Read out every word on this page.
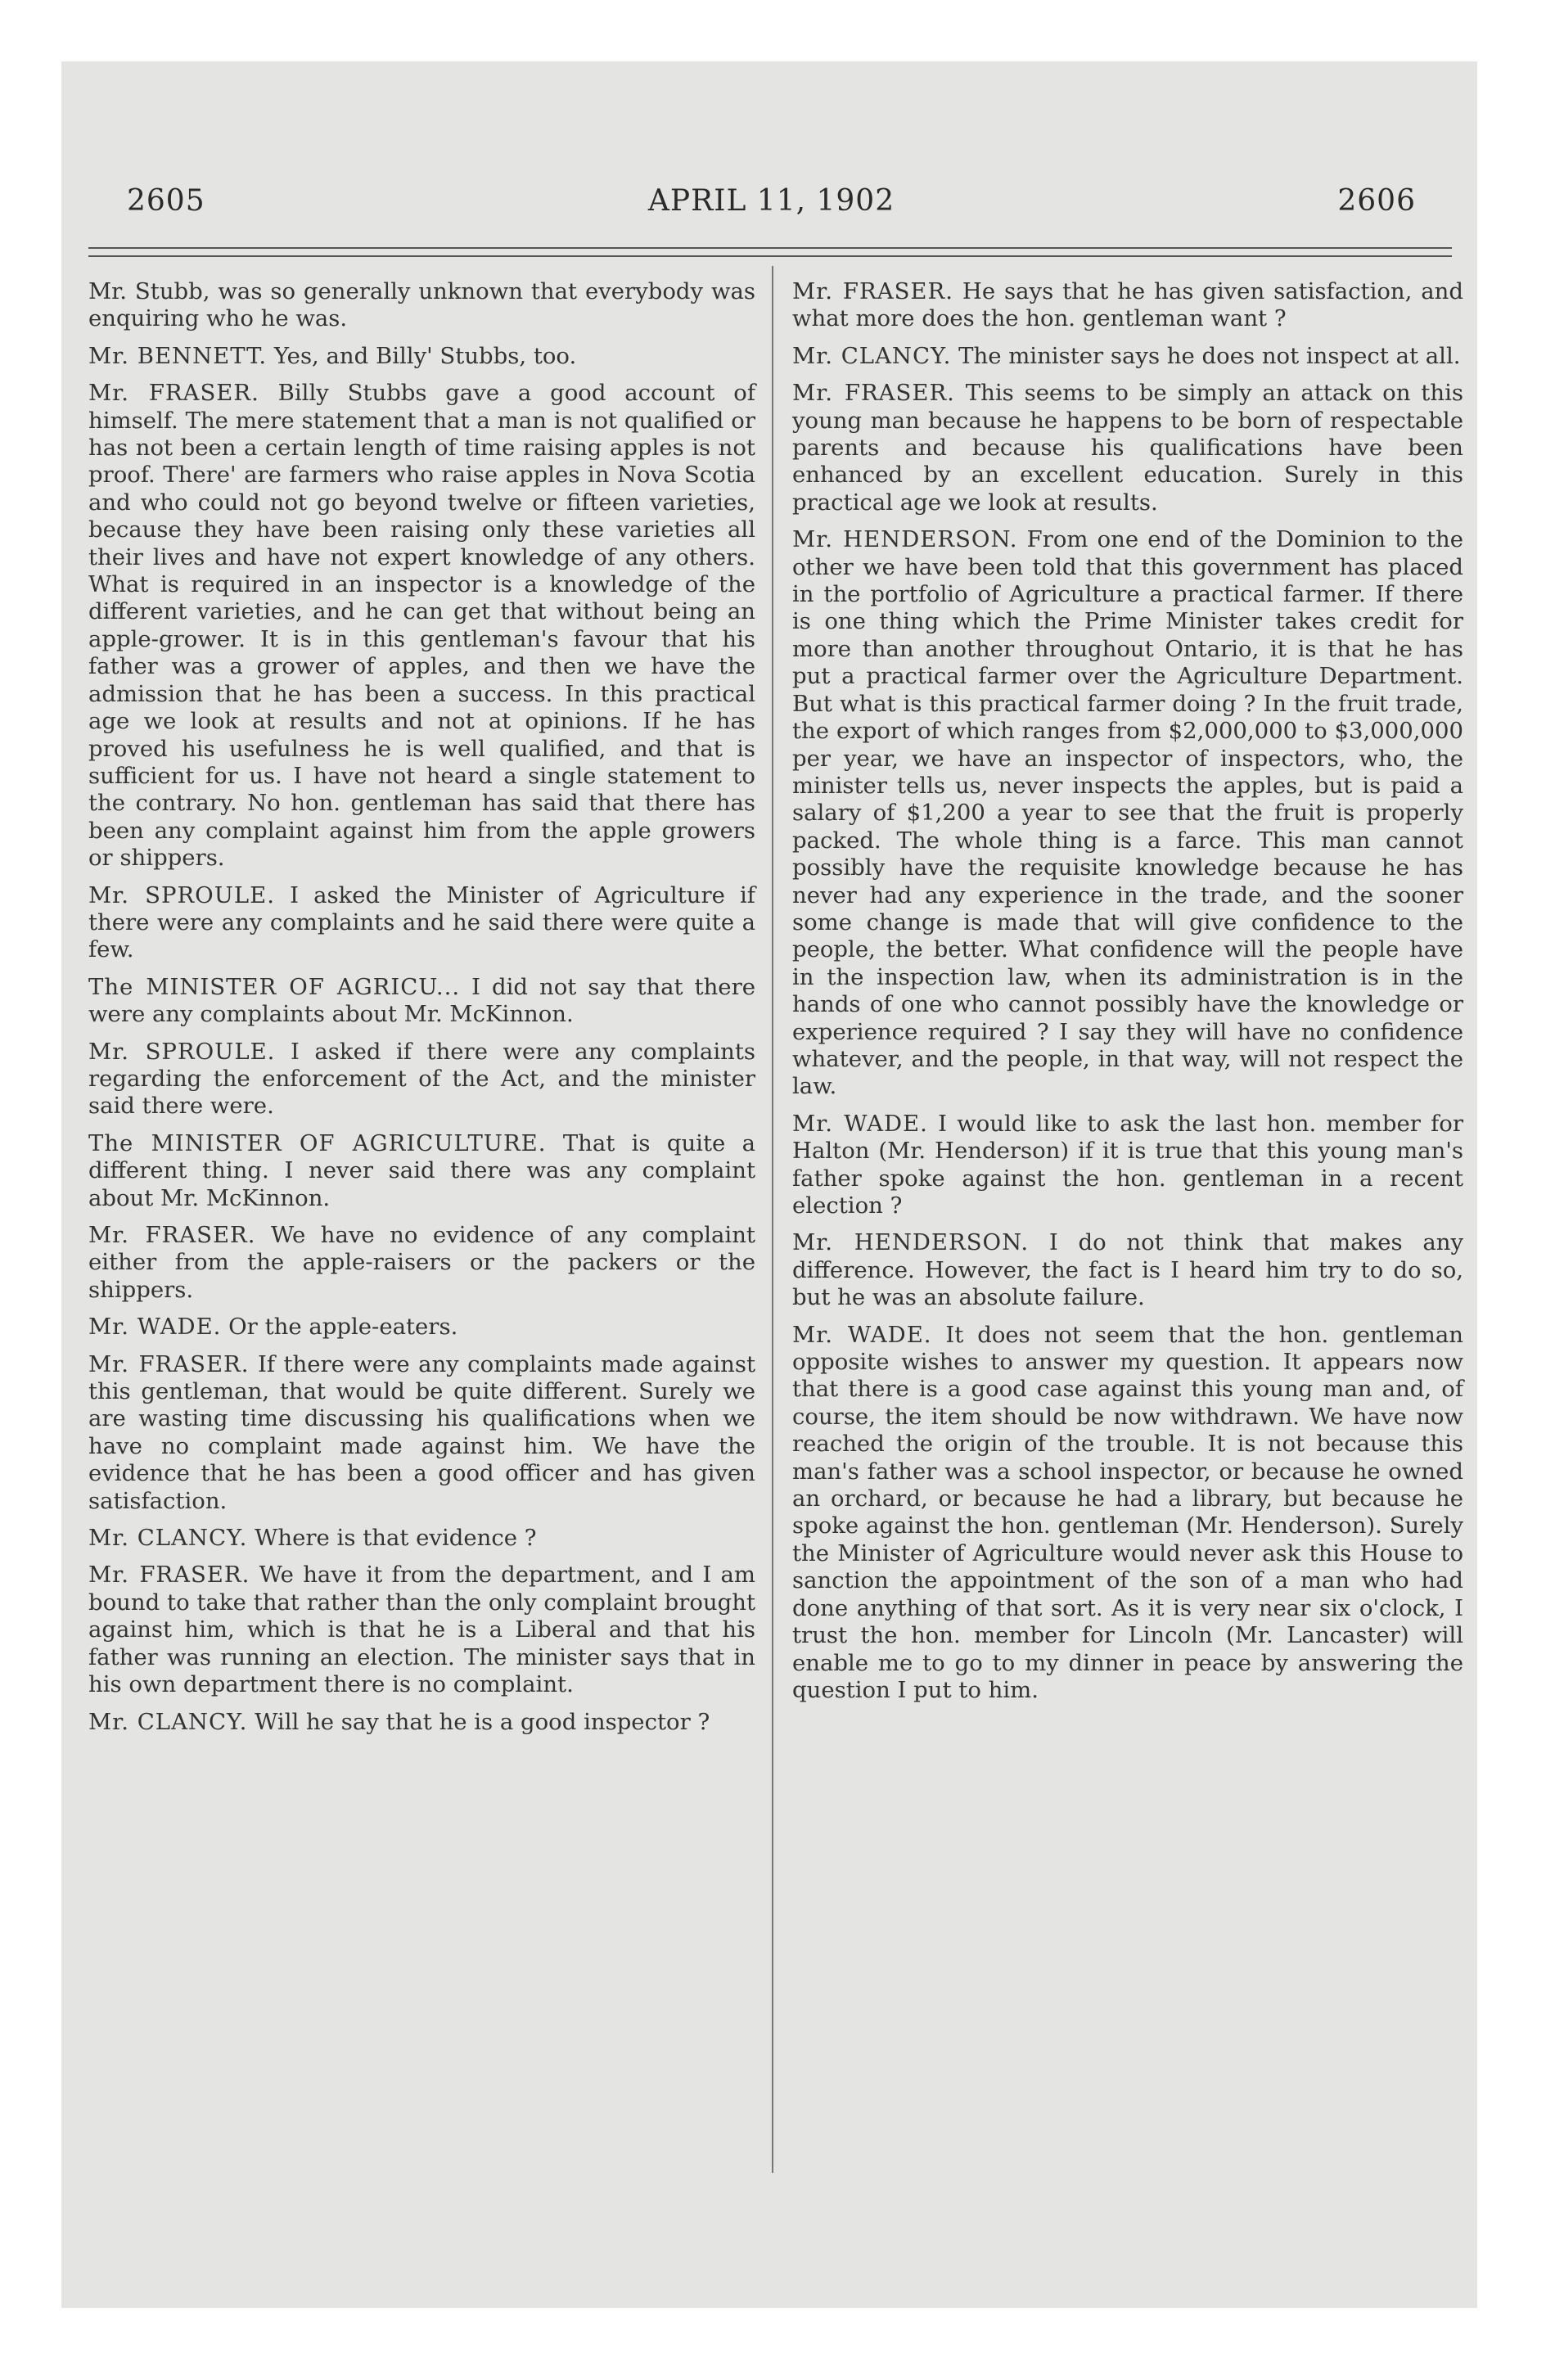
2605	APRIL 11, 1902	2606

Mr. Stubb, was so generally unknown that everybody was enquiring who he was.

Mr. BENNETT. Yes, and Billy' Stubbs, too.

Mr. FRASER. Billy Stubbs gave a good account of himself. The mere statement that a man is not qualified or has not been a certain length of time raising apples is not proof. There' are farmers who raise apples in Nova Scotia and who could not go beyond twelve or fifteen varieties, because they have been raising only these varieties all their lives and have not expert knowledge of any others. What is required in an inspector is a knowledge of the different varieties, and he can get that without being an apple-grower. It is in this gentleman's favour that his father was a grower of apples, and then we have the admission that he has been a success. In this practical age we look at results and not at opinions. If he has proved his usefulness he is well qualified, and that is sufficient for us. I have not heard a single statement to the contrary. No hon. gentleman has said that there has been any complaint against him from the apple growers or shippers.

Mr. SPROULE. I asked the Minister of Agriculture if there were any complaints and he said there were quite a few.

The MINISTER OF AGRICU... I did not say that there were any complaints about Mr. McKinnon.

Mr. SPROULE. I asked if there were any complaints regarding the enforcement of the Act, and the minister said there were.

The MINISTER OF AGRICULTURE. That is quite a different thing. I never said there was any complaint about Mr. McKinnon.

Mr. FRASER. We have no evidence of any complaint either from the apple-raisers or the packers or the shippers.

Mr. WADE. Or the apple-eaters.

Mr. FRASER. If there were any complaints made against this gentleman, that would be quite different. Surely we are wasting time discussing his qualifications when we have no complaint made against him. We have the evidence that he has been a good officer and has given satisfaction.

Mr. CLANCY. Where is that evidence ?

Mr. FRASER. We have it from the department, and I am bound to take that rather than the only complaint brought against him, which is that he is a Liberal and that his father was running an election. The minister says that in his own department there is no complaint.

Mr. CLANCY. Will he say that he is a good inspector ?

Mr. FRASER. He says that he has given satisfaction, and what more does the hon. gentleman want ?

Mr. CLANCY. The minister says he does not inspect at all.

Mr. FRASER. This seems to be simply an attack on this young man because he happens to be born of respectable parents and because his qualifications have been enhanced by an excellent education. Surely in this practical age we look at results.

Mr. HENDERSON. From one end of the Dominion to the other we have been told that this government has placed in the portfolio of Agriculture a practical farmer. If there is one thing which the Prime Minister takes credit for more than another throughout Ontario, it is that he has put a practical farmer over the Agriculture Department. But what is this practical farmer doing ? In the fruit trade, the export of which ranges from $2,000,000 to $3,000,000 per year, we have an inspector of inspectors, who, the minister tells us, never inspects the apples, but is paid a salary of $1,200 a year to see that the fruit is properly packed. The whole thing is a farce. This man cannot possibly have the requisite knowledge because he has never had any experience in the trade, and the sooner some change is made that will give confidence to the people, the better. What confidence will the people have in the inspection law, when its administration is in the hands of one who cannot possibly have the knowledge or experience required ? I say they will have no confidence whatever, and the people, in that way, will not respect the law.

Mr. WADE. I would like to ask the last hon. member for Halton (Mr. Henderson) if it is true that this young man's father spoke against the hon. gentleman in a recent election ?

Mr. HENDERSON. I do not think that makes any difference. However, the fact is I heard him try to do so, but he was an absolute failure.

Mr. WADE. It does not seem that the hon. gentleman opposite wishes to answer my question. It appears now that there is a good case against this young man and, of course, the item should be now withdrawn. We have now reached the origin of the trouble. It is not because this man's father was a school inspector, or because he owned an orchard, or because he had a library, but because he spoke against the hon. gentleman (Mr. Henderson). Surely the Minister of Agriculture would never ask this House to sanction the appointment of the son of a man who had done anything of that sort. As it is very near six o'clock, I trust the hon. member for Lincoln (Mr. Lancaster) will enable me to go to my dinner in peace by answering the question I put to him.
